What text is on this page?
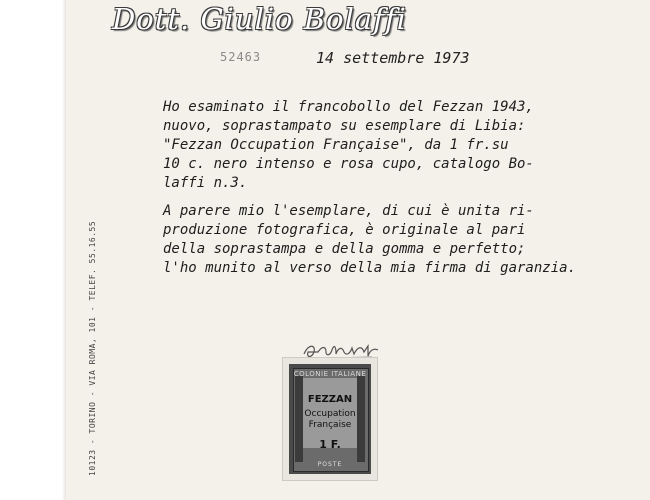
Dott. Giulio Bolaffi
52463	14 settembre 1973
Ho esaminato il francobollo del Fezzan 1943,
nuovo, soprastampato su esemplare di Libia:
"Fezzan Occupation Française", da 1 fr.su
10 c. nero intenso e rosa cupo, catalogo Bo-
laffi n.3.
A parere mio l'esemplare, di cui è unita ri-
produzione fotografica, è originale al pari
della soprastampa e della gomma e perfetto;
l'ho munito al verso della mia firma di garanzia.
10123 - TORINO - VIA ROMA, 101 - TELEF. 55.16.55	COLONIE ITALIANE
FEZZAN
Occupation
Française
1 F.
POSTE
